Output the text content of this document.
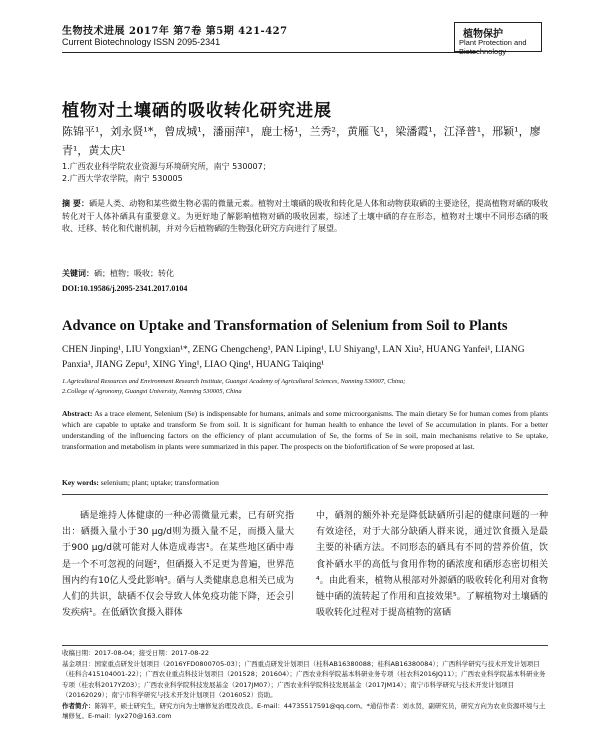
生物技术进展 2017年 第7卷 第5期 421-427
Current Biotechnology ISSN 2095-2341
植物保护
Plant Protection and Biotechnology
植物对土壤硒的吸收转化研究进展
陈锦平¹，刘永贤¹*，曾成城¹，潘丽萍¹，鹿士杨¹，兰秀²，黄雁飞¹，梁潘霞¹，江泽普¹，邢颖¹，廖青¹，黄太庆¹
1.广西农业科学院农业资源与环境研究所，南宁 530007；
2.广西大学农学院，南宁 530005
摘 要：硒是人类、动物和某些微生物必需的微量元素。植物对土壤硒的吸收和转化是人体和动物获取硒的主要途径，提高植物对硒的吸收转化对于人体补硒具有重要意义。为更好地了解影响植物对硒的吸收因素，综述了土壤中硒的存在形态，植物对土壤中不同形态硒的吸收、迁移、转化和代谢机制，并对今后植物硒的生物强化研究方向进行了展望。
关键词：硒；植物；吸收；转化
DOI:10.19586/j.2095-2341.2017.0104
Advance on Uptake and Transformation of Selenium from Soil to Plants
CHEN Jinping¹, LIU Yongxian¹*, ZENG Chengcheng¹, PAN Liping¹, LU Shiyang¹, LAN Xiu², HUANG Yanfei¹, LIANG Panxia¹, JIANG Zepu¹, XING Ying¹, LIAO Qing¹, HUANG Taiqing¹
1.Agricultural Resources and Environment Research Institute, Guangxi Academy of Agricultural Sciences, Nanning 530007, China;
2.College of Agronomy, Guangxi University, Nanning 530005, China
Abstract: As a trace element, Selenium (Se) is indispensable for humans, animals and some microorganisms. The main dietary Se for human comes from plants which are capable to uptake and transform Se from soil. It is significant for human health to enhance the level of Se accumulation in plants. For a better understanding of the influencing factors on the efficiency of plant accumulation of Se, the forms of Se in soil, main mechanisms relative to Se uptake, transformation and metabolism in plants were summarized in this paper. The prospects on the biofortification of Se were proposed at last.
Key words: selenium; plant; uptake; transformation

硒是维持人体健康的一种必需微量元素，已有研究指出：硒摄入量小于30 μg/d则为摄入量不足，而摄入量大于900 μg/d就可能对人体造成毒害¹。在某些地区硒中毒是一个不可忽视的问题²，但硒摄入不足更为普遍，世界范围内约有10亿人受此影响³。硒与人类健康息息相关已成为人们的共识，缺硒不仅会导致人体免疫功能下降，还会引发疾病¹。在低硒饮食摄入群体

中，硒剂的额外补充是降低缺硒所引起的健康问题的一种有效途径，对于大部分缺硒人群来说，通过饮食摄入是最主要的补硒方法。不同形态的硒具有不同的营养价值，饮食补硒水平的高低与食用作物的硒浓度和硒形态密切相关⁴。由此看来，植物从根部对外源硒的吸收转化利用对食物链中硒的流转起了作用和直接效果⁵。了解植物对土壤硒的吸收转化过程对于提高植物的富硒

收稿日期：2017-08-04；接受日期：2017-08-22

基金项目：国家重点研发计划项目（2016YFD0800705-03）；广西重点研发计划项目（桂科AB16380088；桂科AB16380084）；广西科学研究与技术开发计划项目（桂科合415104001-22）；广西农业重点科技计划项目（201528；201604）；广西农业科学院基本科研业务专项（桂农科2016JQ11）；广西农业科学院基本科研业务专项（桂农科2017YZ03）；广西农业科学院科技发展基金（2017JM07）；广西农业科学院科技发展基金（2017JM14）；南宁市科学研究与技术开发计划项目（20162029）；南宁市科学研究与技术开发计划项目（2016052）资助。

作者简介：陈锦平，硕士研究生，研究方向为土壤修复治理及改良。E-mail：44735517591@qq.com。*通信作者：刘永贤，副研究员，研究方向为农业资源环境与土壤修复。E-mail：lyx270@163.com
